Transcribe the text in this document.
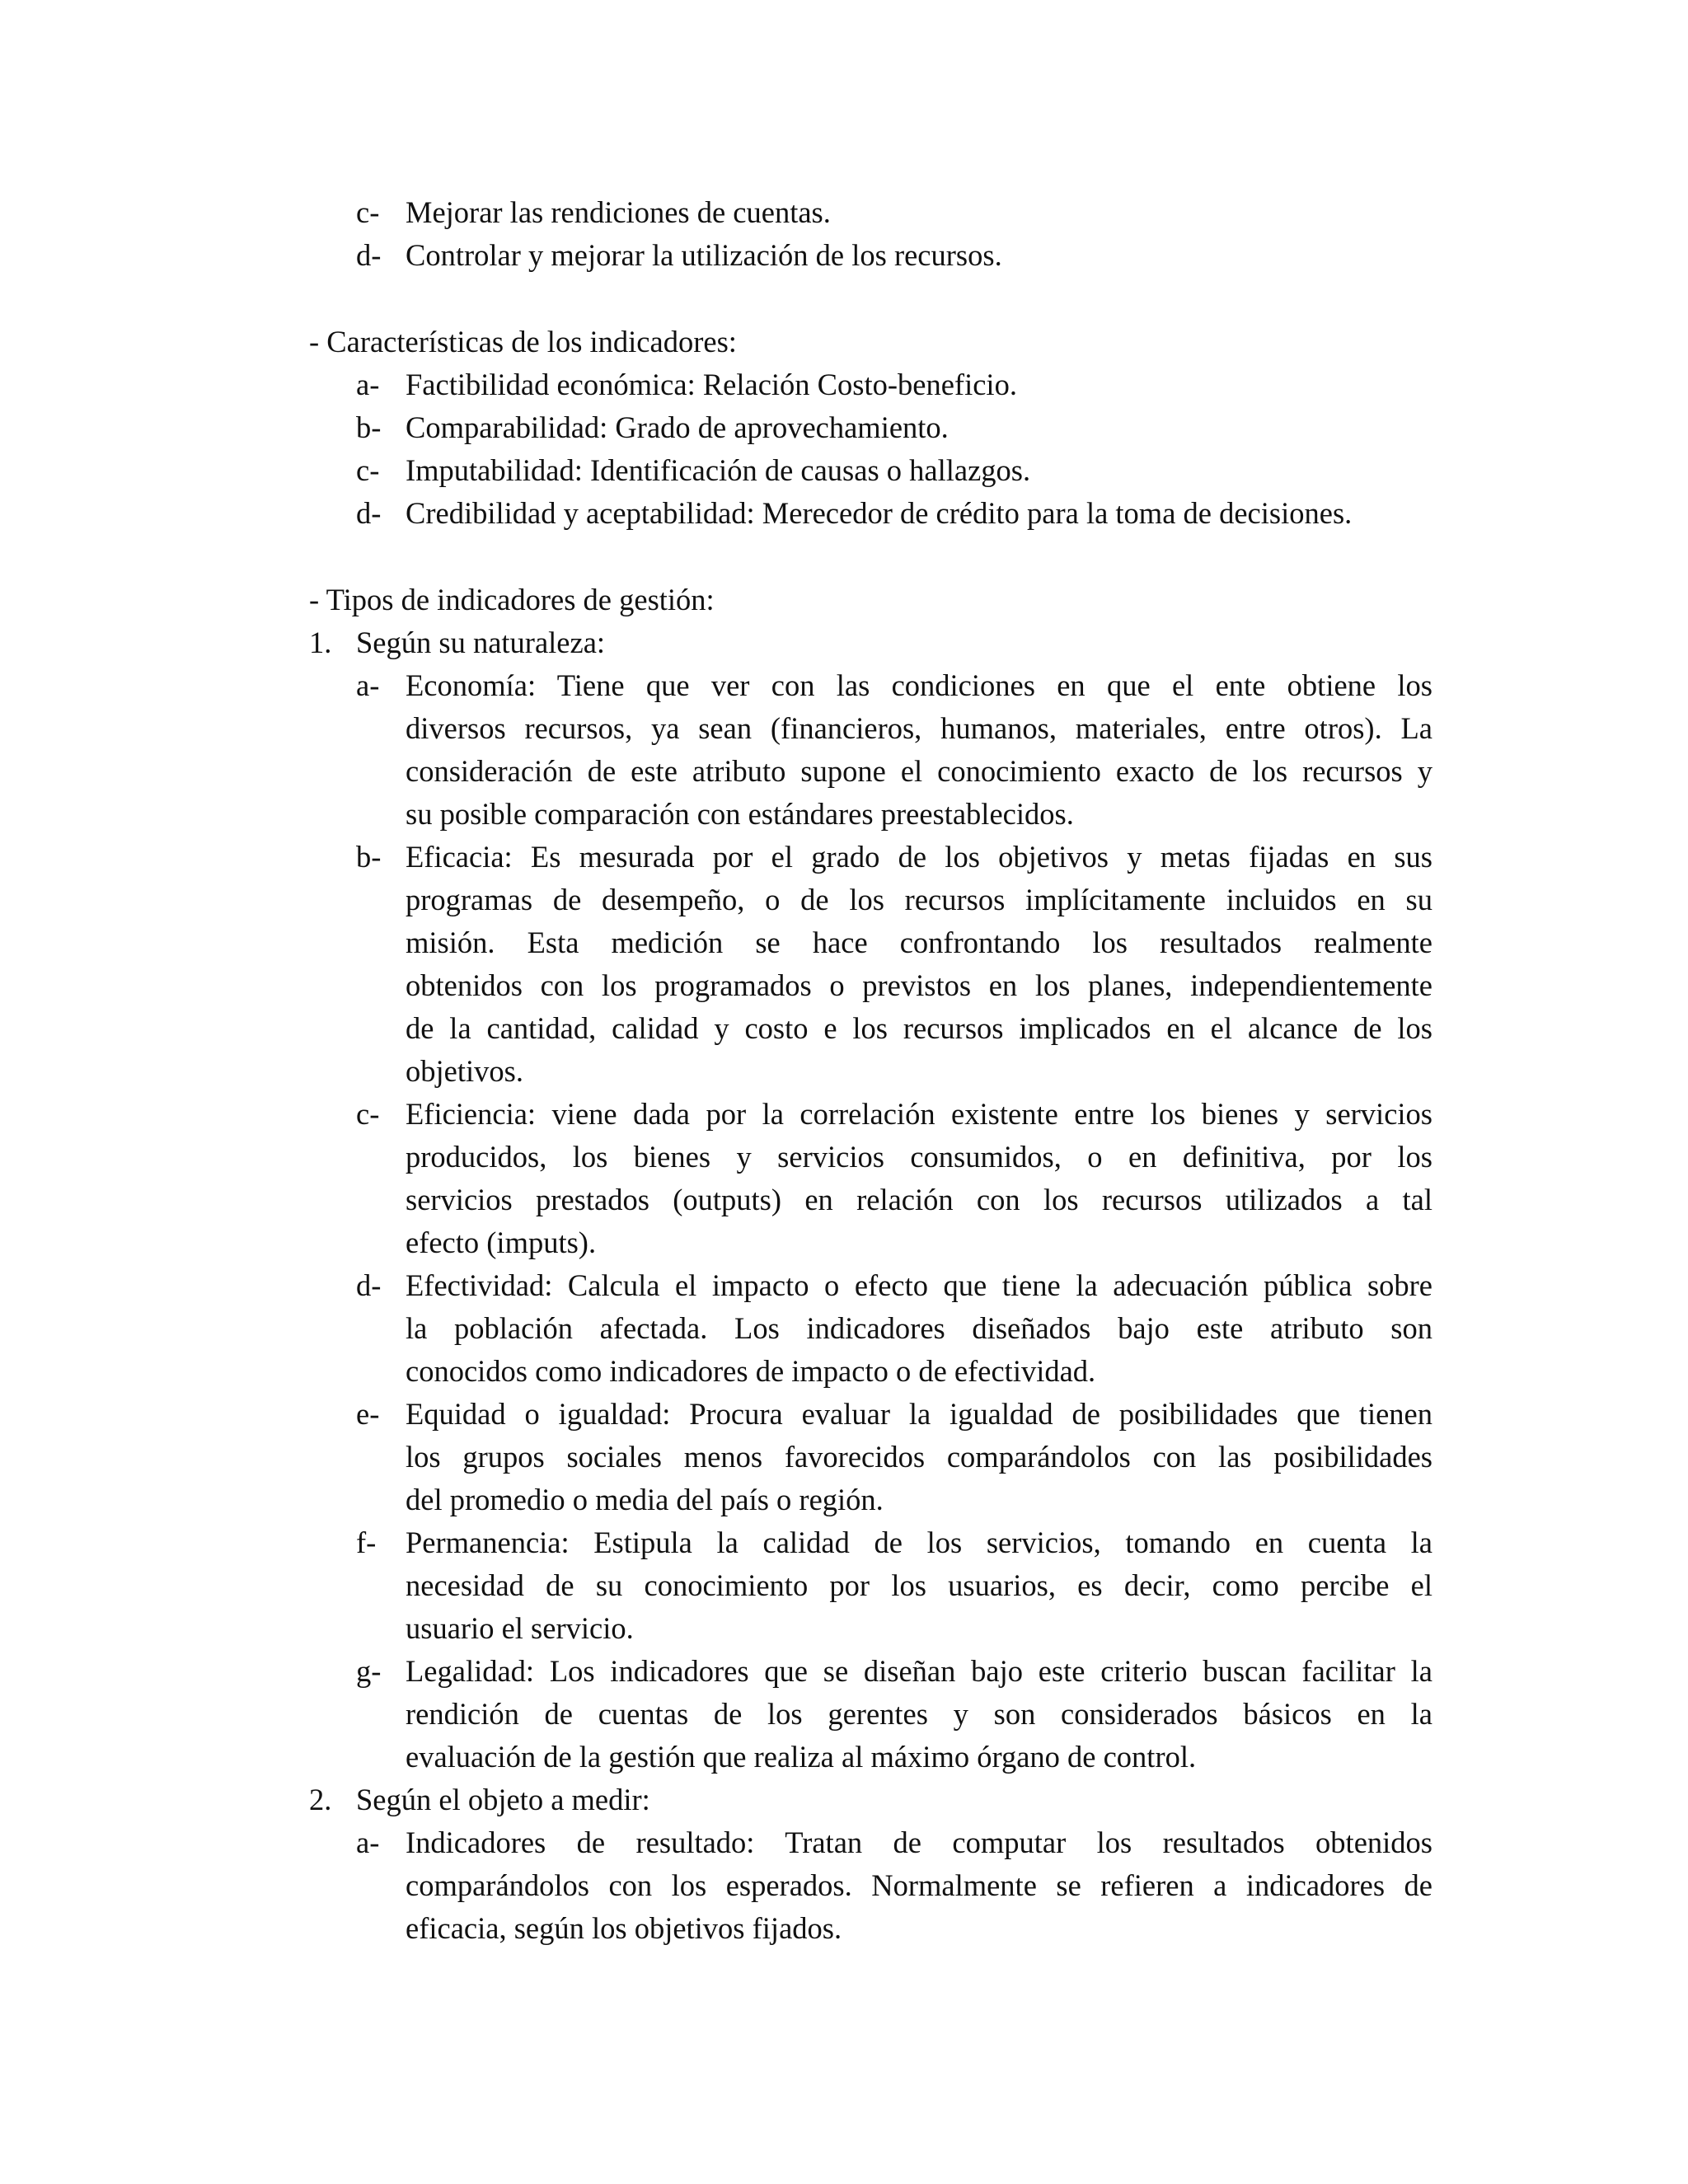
c- Mejorar las rendiciones de cuentas.
d- Controlar y mejorar la utilización de los recursos.
- Características de los indicadores:
a- Factibilidad económica: Relación Costo-beneficio.
b- Comparabilidad: Grado de aprovechamiento.
c- Imputabilidad: Identificación de causas o hallazgos.
d- Credibilidad y aceptabilidad: Merecedor de crédito para la toma de decisiones.
- Tipos de indicadores de gestión:
1. Según su naturaleza:
a- Economía: Tiene que ver con las condiciones en que el ente obtiene los
diversos recursos, ya sean (financieros, humanos, materiales, entre otros). La
consideración de este atributo supone el conocimiento exacto de los recursos y
su posible comparación con estándares preestablecidos.
b- Eficacia: Es mesurada por el grado de los objetivos y metas fijadas en sus
programas de desempeño, o de los recursos implícitamente incluidos en su
misión. Esta medición se hace confrontando los resultados realmente
obtenidos con los programados o previstos en los planes, independientemente
de la cantidad, calidad y costo e los recursos implicados en el alcance de los
objetivos.
c- Eficiencia: viene dada por la correlación existente entre los bienes y servicios
producidos, los bienes y servicios consumidos, o en definitiva, por los
servicios prestados (outputs) en relación con los recursos utilizados a tal
efecto (imputs).
d- Efectividad: Calcula el impacto o efecto que tiene la adecuación pública sobre
la población afectada. Los indicadores diseñados bajo este atributo son
conocidos como indicadores de impacto o de efectividad.
e- Equidad o igualdad: Procura evaluar la igualdad de posibilidades que tienen
los grupos sociales menos favorecidos comparándolos con las posibilidades
del promedio o media del país o región.
f- Permanencia: Estipula la calidad de los servicios, tomando en cuenta la
necesidad de su conocimiento por los usuarios, es decir, como percibe el
usuario el servicio.
g- Legalidad: Los indicadores que se diseñan bajo este criterio buscan facilitar la
rendición de cuentas de los gerentes y son considerados básicos en la
evaluación de la gestión que realiza al máximo órgano de control.
2. Según el objeto a medir:
a- Indicadores de resultado: Tratan de computar los resultados obtenidos
comparándolos con los esperados. Normalmente se refieren a indicadores de
eficacia, según los objetivos fijados.
